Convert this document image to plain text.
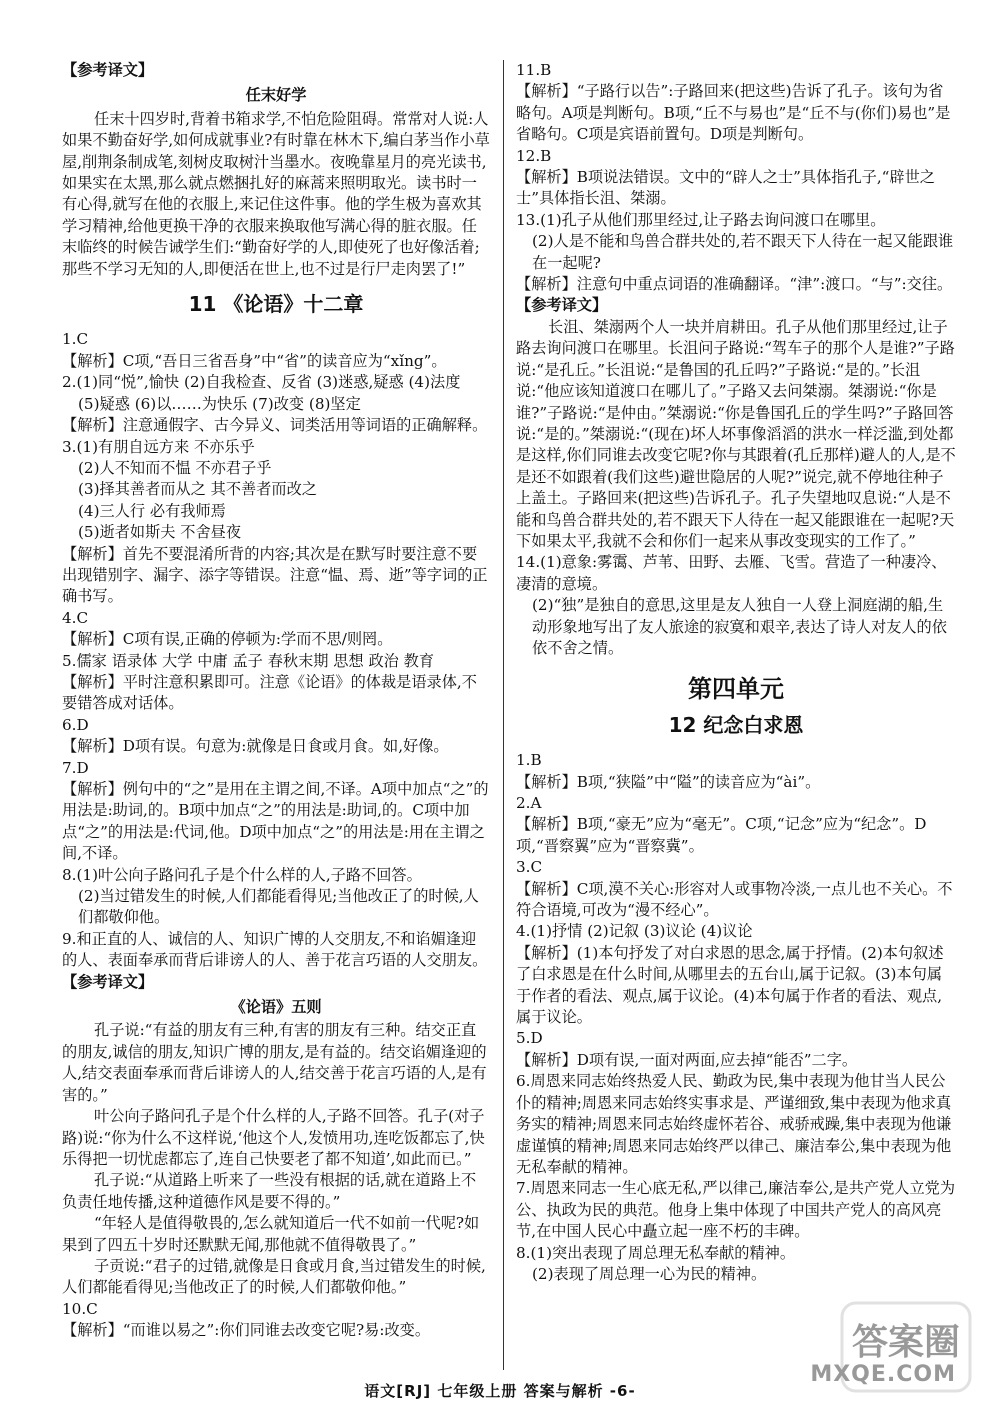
【参考译文】

任末好学

任末十四岁时,背着书箱求学,不怕危险阻碍。常常对人说:人如果不勤奋好学,如何成就事业?有时靠在林木下,编白茅当作小草屋,削荆条制成笔,刻树皮取树汁当墨水。夜晚靠星月的亮光读书,如果实在太黑,那么就点燃捆扎好的麻蒿来照明取光。读书时一有心得,就写在他的衣服上,来记住这件事。他的学生极为喜欢其学习精神,给他更换干净的衣服来换取他写满心得的脏衣服。任末临终的时候告诫学生们:“勤奋好学的人,即使死了也好像活着;那些不学习无知的人,即便活在世上,也不过是行尸走肉罢了!”

11 《论语》十二章

1.C

【解析】C项,“吾日三省吾身”中“省”的读音应为“xǐng”。

2.(1)同“悦”,愉快 (2)自我检查、反省 (3)迷惑,疑惑 (4)法度

(5)疑惑 (6)以……为快乐 (7)改变 (8)坚定

【解析】注意通假字、古今异义、词类活用等词语的正确解释。

3.(1)有朋自远方来 不亦乐乎

(2)人不知而不愠 不亦君子乎

(3)择其善者而从之 其不善者而改之

(4)三人行 必有我师焉

(5)逝者如斯夫 不舍昼夜

【解析】首先不要混淆所背的内容;其次是在默写时要注意不要出现错别字、漏字、添字等错误。注意“愠、焉、逝”等字词的正确书写。

4.C

【解析】C项有误,正确的停顿为:学而不思/则罔。

5.儒家 语录体 大学 中庸 孟子 春秋末期 思想 政治 教育

【解析】平时注意积累即可。注意《论语》的体裁是语录体,不要错答成对话体。

6.D

【解析】D项有误。句意为:就像是日食或月食。如,好像。

7.D

【解析】例句中的“之”是用在主谓之间,不译。A项中加点“之”的用法是:助词,的。B项中加点“之”的用法是:助词,的。C项中加点“之”的用法是:代词,他。D项中加点“之”的用法是:用在主谓之间,不译。

8.(1)叶公向子路问孔子是个什么样的人,子路不回答。

(2)当过错发生的时候,人们都能看得见;当他改正了的时候,人们都敬仰他。

9.和正直的人、诚信的人、知识广博的人交朋友,不和谄媚逢迎的人、表面奉承而背后诽谤人的人、善于花言巧语的人交朋友。

【参考译文】

《论语》五则

孔子说:“有益的朋友有三种,有害的朋友有三种。结交正直的朋友,诚信的朋友,知识广博的朋友,是有益的。结交谄媚逢迎的人,结交表面奉承而背后诽谤人的人,结交善于花言巧语的人,是有害的。”

叶公向子路问孔子是个什么样的人,子路不回答。孔子(对子路)说:“你为什么不这样说,‘他这个人,发愤用功,连吃饭都忘了,快乐得把一切忧虑都忘了,连自己快要老了都不知道’,如此而已。”

孔子说:“从道路上听来了一些没有根据的话,就在道路上不负责任地传播,这种道德作风是要不得的。”

“年轻人是值得敬畏的,怎么就知道后一代不如前一代呢?如果到了四五十岁时还默默无闻,那他就不值得敬畏了。”

子贡说:“君子的过错,就像是日食或月食,当过错发生的时候,人们都能看得见;当他改正了的时候,人们都敬仰他。”

10.C

【解析】“而谁以易之”:你们同谁去改变它呢?易:改变。

11.B

【解析】“子路行以告”:子路回来(把这些)告诉了孔子。该句为省略句。A项是判断句。B项,“丘不与易也”是“丘不与(你们)易也”是省略句。C项是宾语前置句。D项是判断句。

12.B

【解析】B项说法错误。文中的“辟人之士”具体指孔子,“辟世之士”具体指长沮、桀溺。

13.(1)孔子从他们那里经过,让子路去询问渡口在哪里。

(2)人是不能和鸟兽合群共处的,若不跟天下人待在一起又能跟谁在一起呢?

【解析】注意句中重点词语的准确翻译。“津”:渡口。“与”:交往。

【参考译文】

长沮、桀溺两个人一块并肩耕田。孔子从他们那里经过,让子路去询问渡口在哪里。长沮问子路说:“驾车子的那个人是谁?”子路说:“是孔丘。”长沮说:“是鲁国的孔丘吗?”子路说:“是的。”长沮说:“他应该知道渡口在哪儿了。”子路又去问桀溺。桀溺说:“你是谁?”子路说:“是仲由。”桀溺说:“你是鲁国孔丘的学生吗?”子路回答说:“是的。”桀溺说:“(现在)坏人坏事像滔滔的洪水一样泛滥,到处都是这样,你们同谁去改变它呢?你与其跟着(孔丘那样)避人的人,是不是还不如跟着(我们这些)避世隐居的人呢?”说完,就不停地往种子上盖土。子路回来(把这些)告诉孔子。孔子失望地叹息说:“人是不能和鸟兽合群共处的,若不跟天下人待在一起又能跟谁在一起呢?天下如果太平,我就不会和你们一起来从事改变现实的工作了。”

14.(1)意象:雾霭、芦苇、田野、去雁、飞雪。营造了一种凄冷、凄清的意境。

(2)“独”是独自的意思,这里是友人独自一人登上洞庭湖的船,生动形象地写出了友人旅途的寂寞和艰辛,表达了诗人对友人的依依不舍之情。

第四单元

12 纪念白求恩

1.B

【解析】B项,“狭隘”中“隘”的读音应为“ài”。

2.A

【解析】B项,“豪无”应为“毫无”。C项,“记念”应为“纪念”。D项,“晋察翼”应为“晋察冀”。

3.C

【解析】C项,漠不关心:形容对人或事物冷淡,一点儿也不关心。不符合语境,可改为“漫不经心”。

4.(1)抒情 (2)记叙 (3)议论 (4)议论

【解析】(1)本句抒发了对白求恩的思念,属于抒情。(2)本句叙述了白求恩是在什么时间,从哪里去的五台山,属于记叙。(3)本句属于作者的看法、观点,属于议论。(4)本句属于作者的看法、观点,属于议论。

5.D

【解析】D项有误,一面对两面,应去掉“能否”二字。

6.周恩来同志始终热爱人民、勤政为民,集中表现为他甘当人民公仆的精神;周恩来同志始终实事求是、严谨细致,集中表现为他求真务实的精神;周恩来同志始终虚怀若谷、戒骄戒躁,集中表现为他谦虚谨慎的精神;周恩来同志始终严以律己、廉洁奉公,集中表现为他无私奉献的精神。

7.周恩来同志一生心底无私,严以律己,廉洁奉公,是共产党人立党为公、执政为民的典范。他身上集中体现了中国共产党人的高风亮节,在中国人民心中矗立起一座不朽的丰碑。

8.(1)突出表现了周总理无私奉献的精神。

(2)表现了周总理一心为民的精神。

语文[RJ] 七年级上册 答案与解析 -6-
答案圈
MXQE.COM
